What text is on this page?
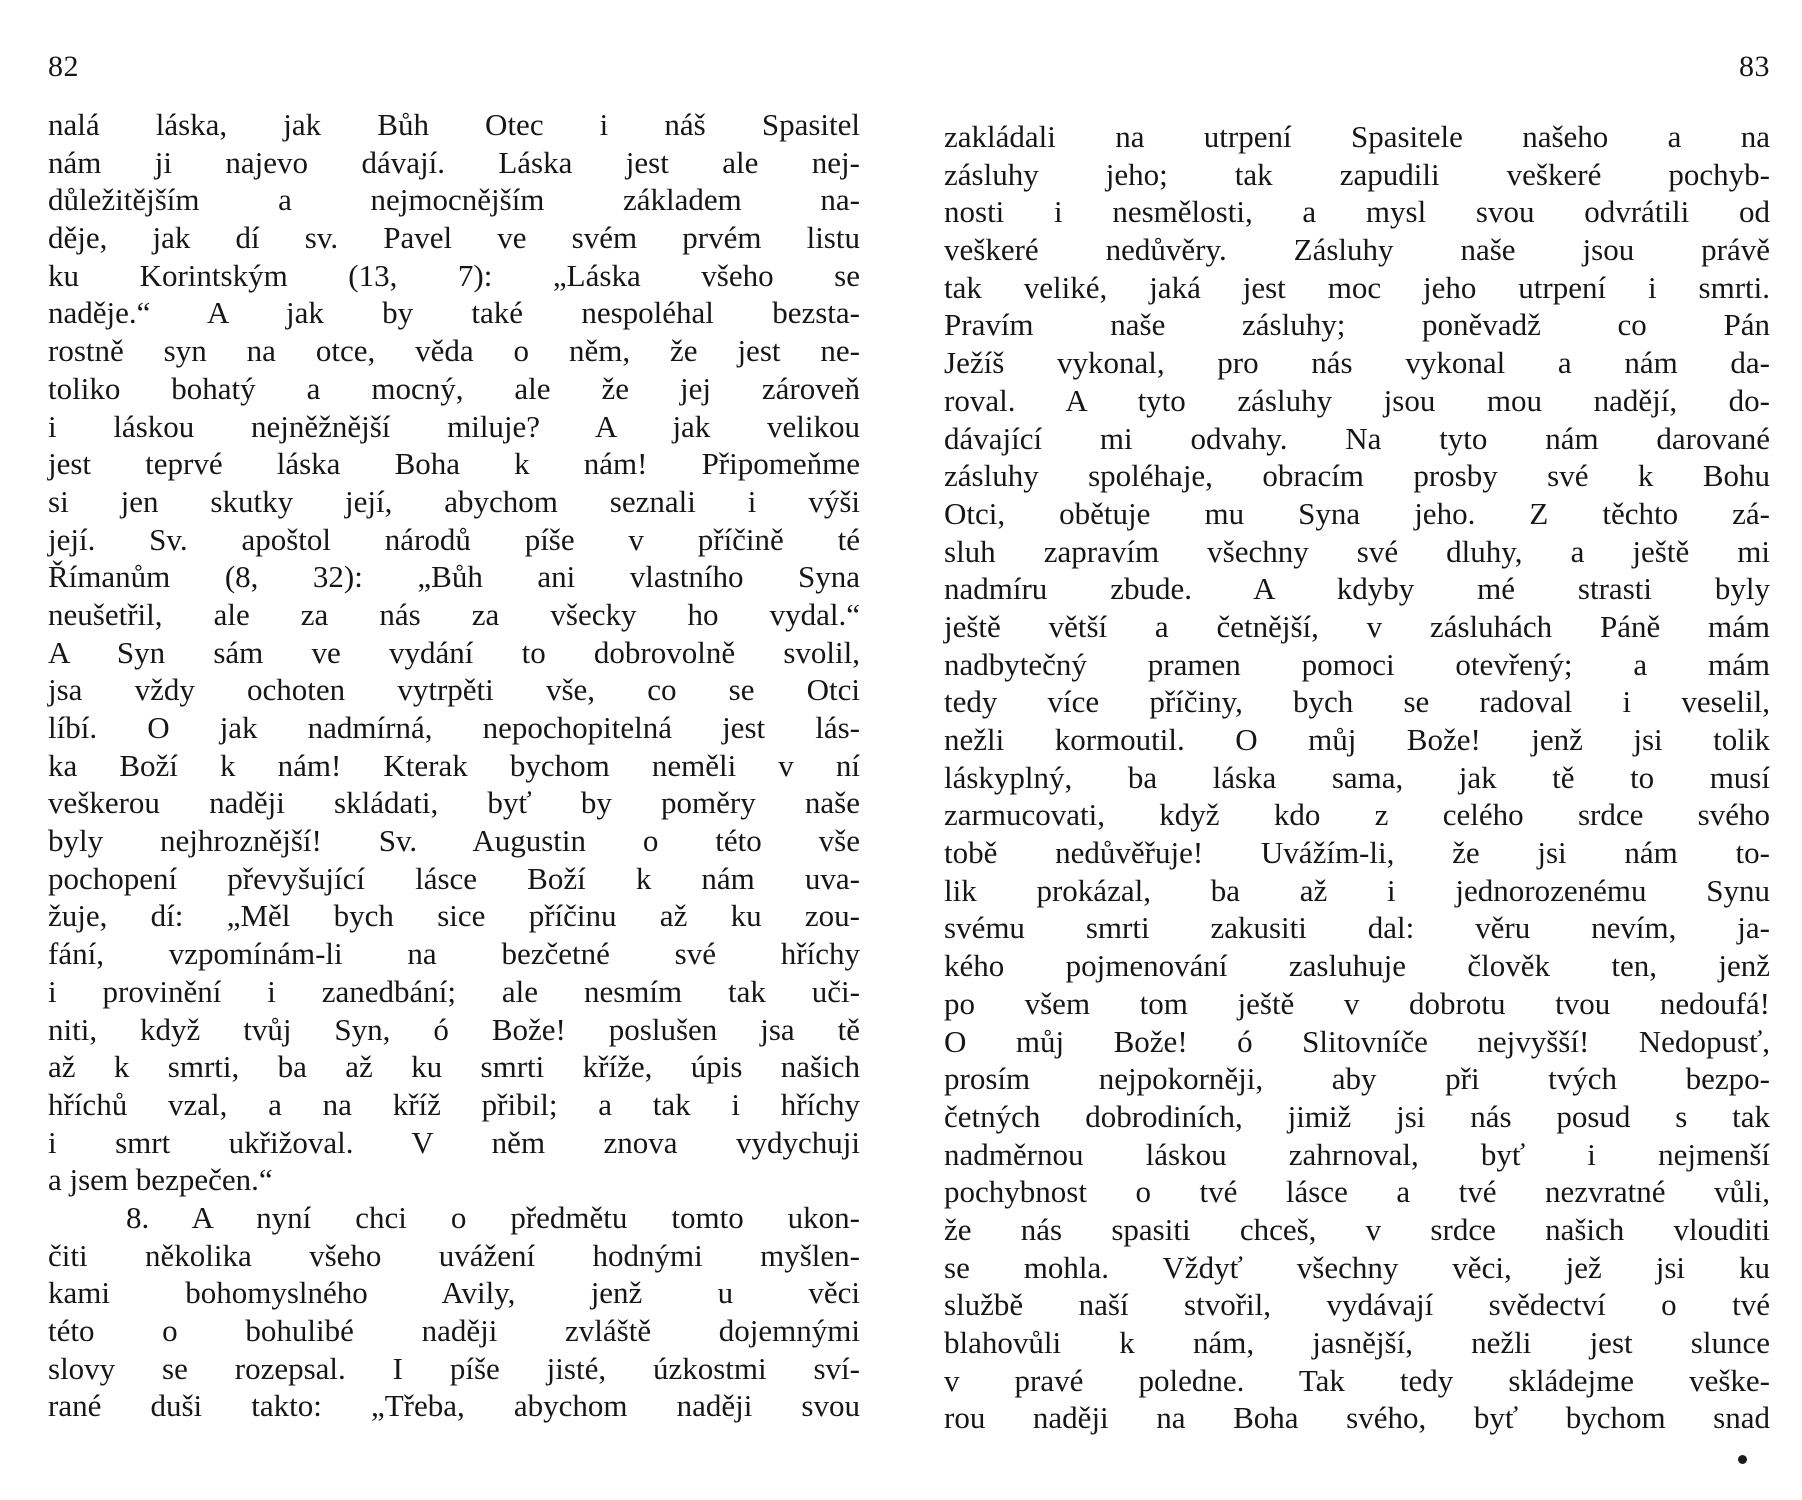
82
nalá láska, jak Bůh Otec i náš Spasitel
nám ji najevo dávají. Láska jest ale nej-
důležitějším a nejmocnějším základem na-
děje, jak dí sv. Pavel ve svém prvém listu
ku Korintským (13, 7): „Láska všeho se
naděje.“ A jak by také nespoléhal bezsta-
rostně syn na otce, věda o něm, že jest ne-
toliko bohatý a mocný, ale že jej zároveň
i láskou nejněžnější miluje? A jak velikou
jest teprvé láska Boha k nám! Připomeňme
si jen skutky její, abychom seznali i výši
její. Sv. apoštol národů píše v příčině té
Římanům (8, 32): „Bůh ani vlastního Syna
neušetřil, ale za nás za všecky ho vydal.“
A Syn sám ve vydání to dobrovolně svolil,
jsa vždy ochoten vytrpěti vše, co se Otci
líbí. O jak nadmírná, nepochopitelná jest lás-
ka Boží k nám! Kterak bychom neměli v ní
veškerou naději skládati, byť by poměry naše
byly nejhroznější! Sv. Augustin o této vše
pochopení převyšující lásce Boží k nám uva-
žuje, dí: „Měl bych sice příčinu až ku zou-
fání, vzpomínám-li na bezčetné své hříchy
i provinění i zanedbání; ale nesmím tak uči-
niti, když tvůj Syn, ó Bože! poslušen jsa tě
až k smrti, ba až ku smrti kříže, úpis našich
hříchů vzal, a na kříž přibil; a tak i hříchy
i smrt ukřižoval. V něm znova vydychuji
a jsem bezpečen.“
8. A nyní chci o předmětu tomto ukon-
čiti několika všeho uvážení hodnými myšlen-
kami bohomyslného Avily, jenž u věci
této o bohulibé naději zvláště dojemnými
slovy se rozepsal. I píše jisté, úzkostmi sví-
rané duši takto: „Třeba, abychom naději svou
83
zakládali na utrpení Spasitele našeho a na
zásluhy jeho; tak zapudili veškeré pochyb-
nosti i nesmělosti, a mysl svou odvrátili od
veškeré nedůvěry. Zásluhy naše jsou právě
tak veliké, jaká jest moc jeho utrpení i smrti.
Pravím naše zásluhy; poněvadž co Pán
Ježíš vykonal, pro nás vykonal a nám da-
roval. A tyto zásluhy jsou mou nadějí, do-
dávající mi odvahy. Na tyto nám darované
zásluhy spoléhaje, obracím prosby své k Bohu
Otci, obětuje mu Syna jeho. Z těchto zá-
sluh zapravím všechny své dluhy, a ještě mi
nadmíru zbude. A kdyby mé strasti byly
ještě větší a četnější, v zásluhách Páně mám
nadbytečný pramen pomoci otevřený; a mám
tedy více příčiny, bych se radoval i veselil,
nežli kormoutil. O můj Bože! jenž jsi tolik
láskyplný, ba láska sama, jak tě to musí
zarmucovati, když kdo z celého srdce svého
tobě nedůvěřuje! Uvážím-li, že jsi nám to-
lik prokázal, ba až i jednorozenému Synu
svému smrti zakusiti dal: věru nevím, ja-
kého pojmenování zasluhuje člověk ten, jenž
po všem tom ještě v dobrotu tvou nedoufá!
O můj Bože! ó Slitovníče nejvyšší! Nedopusť,
prosím nejpokorněji, aby při tvých bezpo-
četných dobrodiních, jimiž jsi nás posud s tak
nadměrnou láskou zahrnoval, byť i nejmenší
pochybnost o tvé lásce a tvé nezvratné vůli,
že nás spasiti chceš, v srdce našich vlouditi
se mohla. Vždyť všechny věci, jež jsi ku
službě naší stvořil, vydávají svědectví o tvé
blahovůli k nám, jasnější, nežli jest slunce
v pravé poledne. Tak tedy skládejme veške-
rou naději na Boha svého, byť bychom snad
